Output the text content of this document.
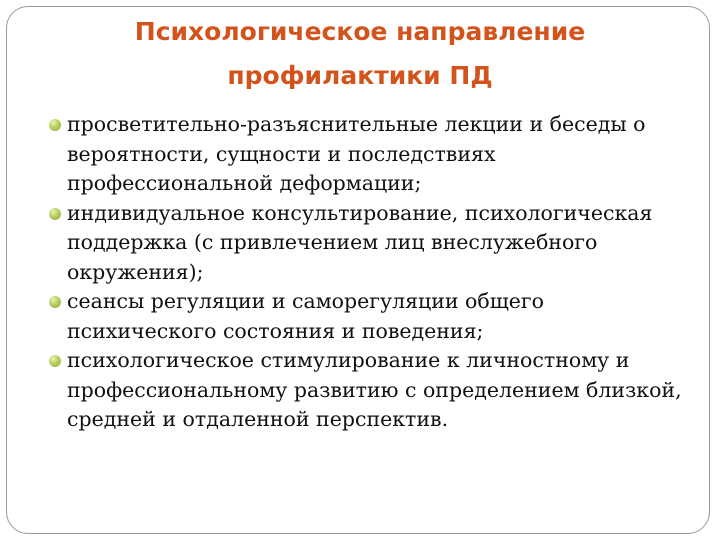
Психологическое направление
профилактики ПД
просветительно-разъяснительные лекции и беседы о вероятности, сущности и последствиях профессиональной деформации;
индивидуальное консультирование, психологическая поддержка (с привлечением лиц внеслужебного окружения);
сеансы регуляции и саморегуляции общего психического состояния и поведения;
психологическое стимулирование к личностному и профессиональному развитию с определением близкой, средней и отдаленной перспектив.
